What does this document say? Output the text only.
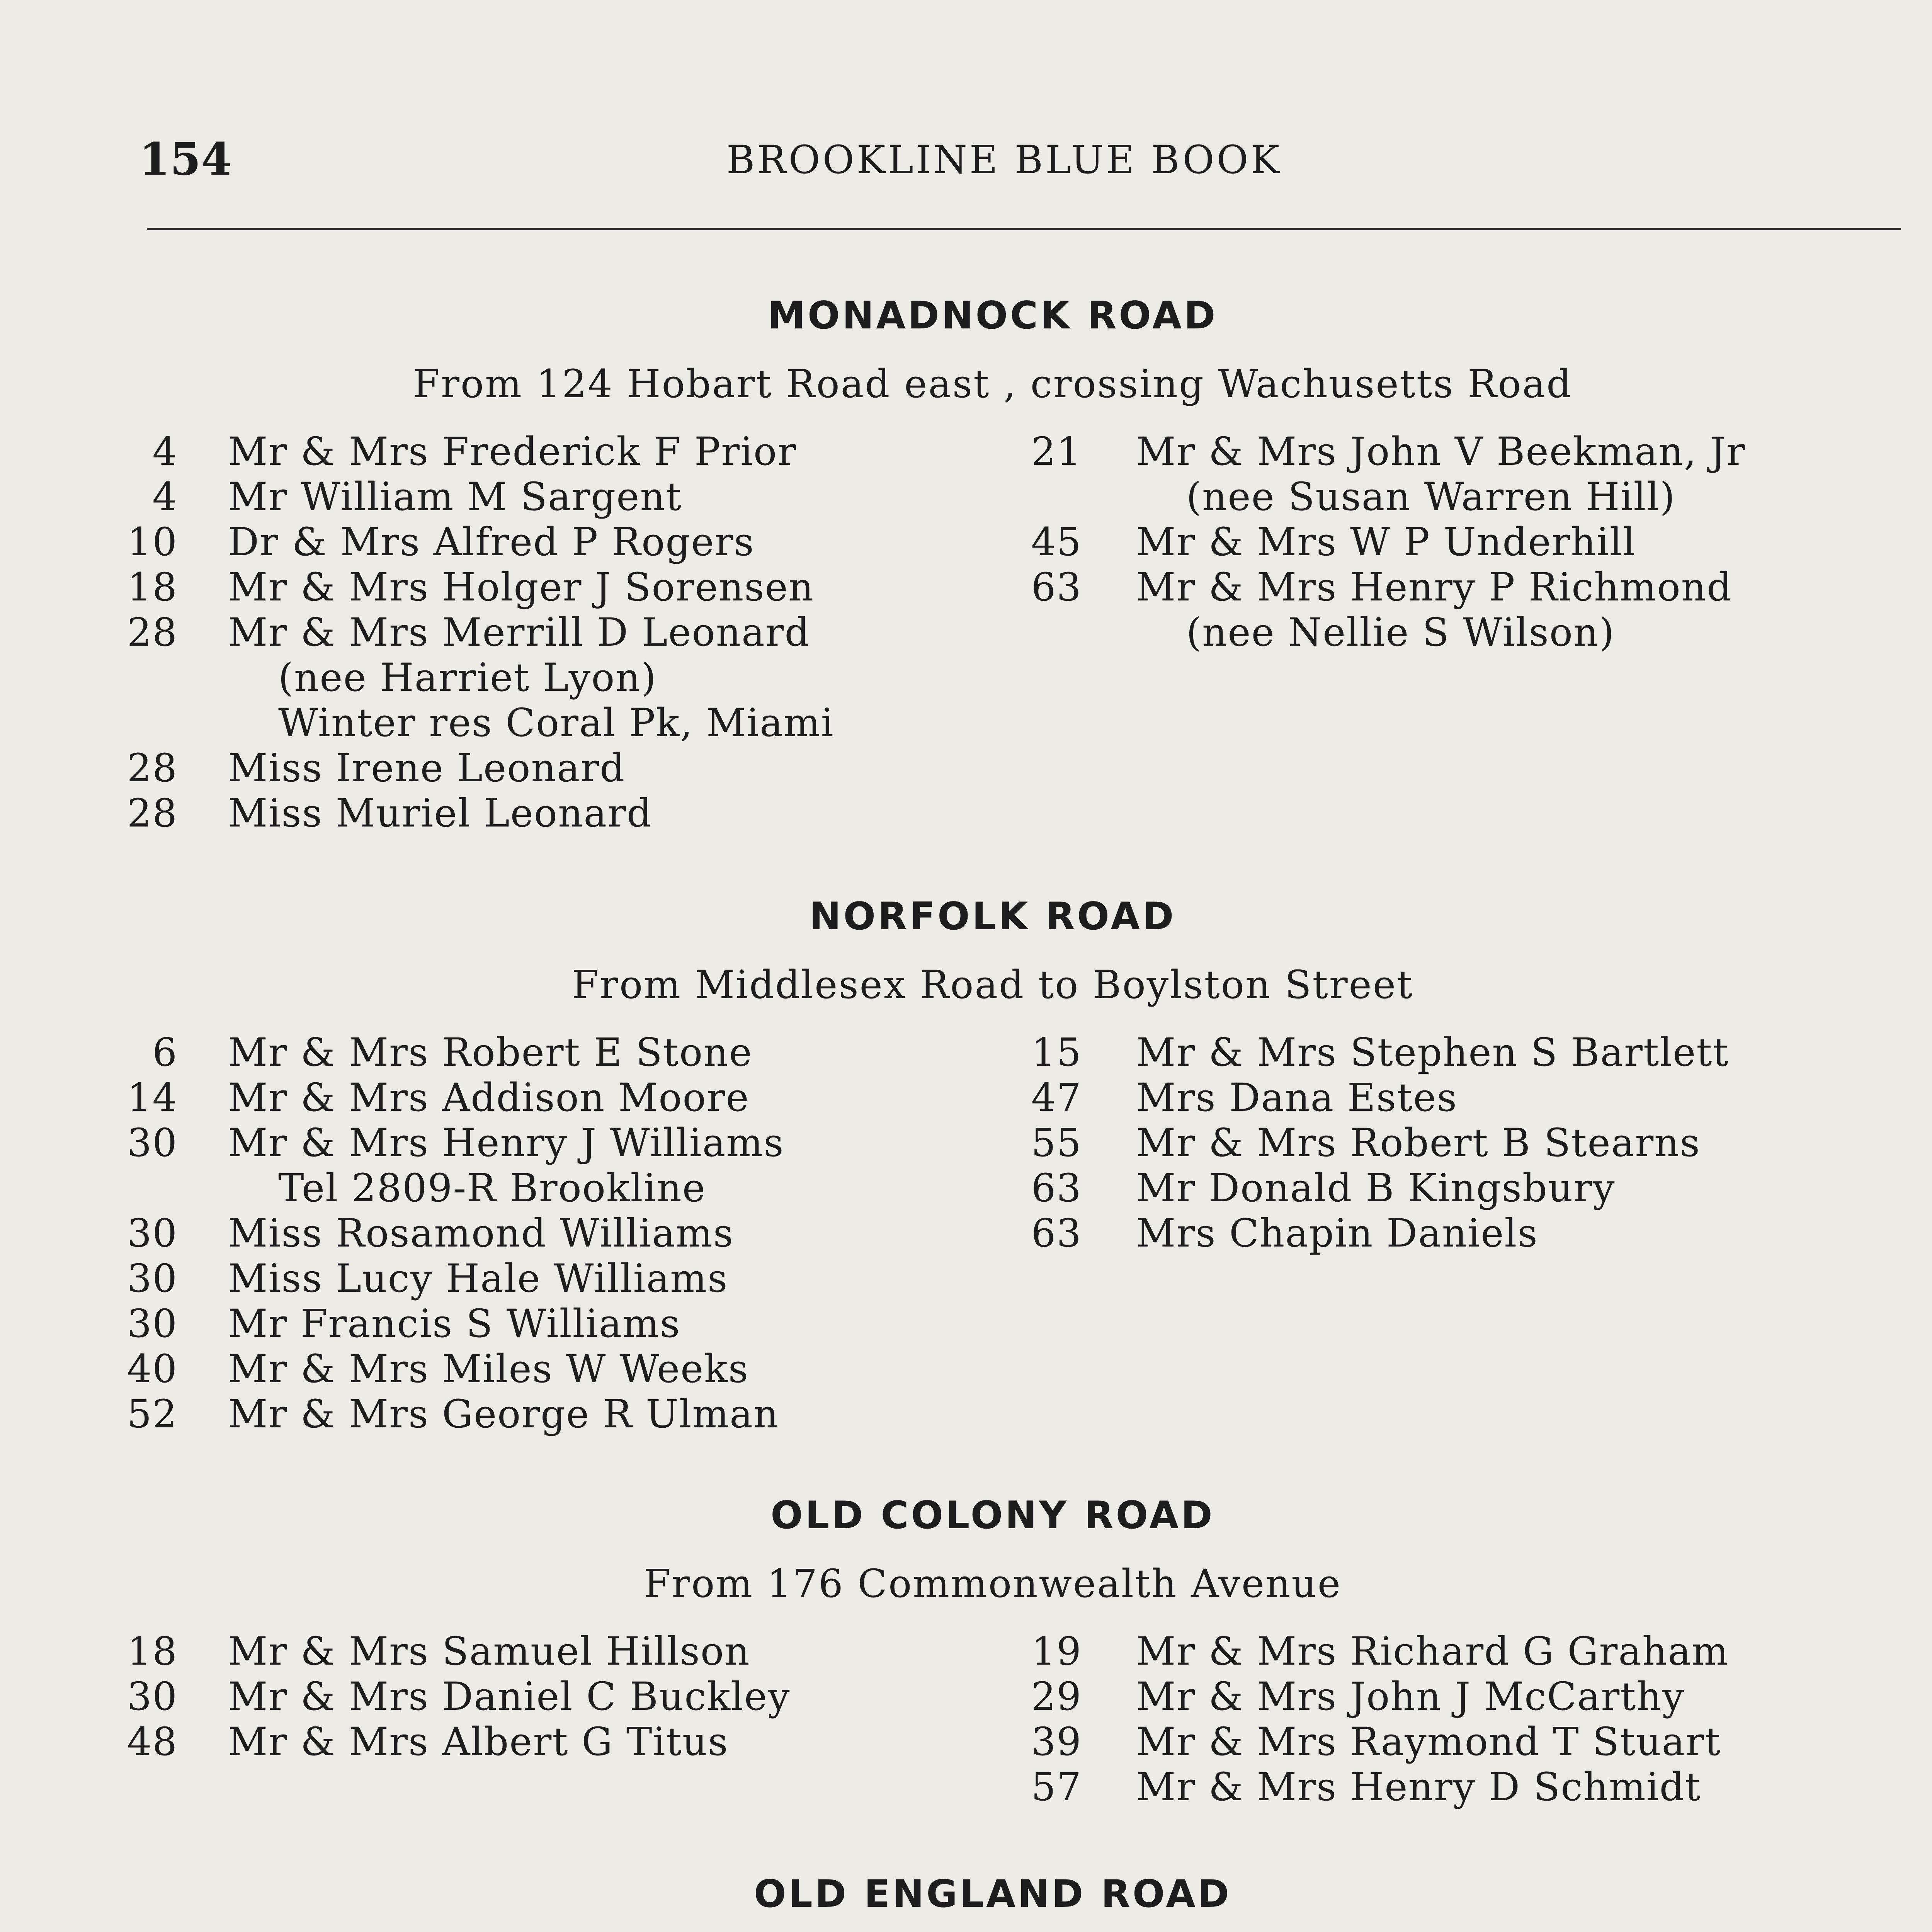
154	BROOKLINE BLUE BOOK
MONADNOCK ROAD
From 124 Hobart Road east , crossing Wachusetts Road
4 Mr & Mrs Frederick F Prior
4 Mr William M Sargent
10 Dr & Mrs Alfred P Rogers
18 Mr & Mrs Holger J Sorensen
28 Mr & Mrs Merrill D Leonard
(nee Harriet Lyon)
Winter res Coral Pk, Miami
28 Miss Irene Leonard
28 Miss Muriel Leonard
21 Mr & Mrs John V Beekman, Jr
(nee Susan Warren Hill)
45 Mr & Mrs W P Underhill
63 Mr & Mrs Henry P Richmond
(nee Nellie S Wilson)
NORFOLK ROAD
From Middlesex Road to Boylston Street
6 Mr & Mrs Robert E Stone
14 Mr & Mrs Addison Moore
30 Mr & Mrs Henry J Williams
Tel 2809-R Brookline
30 Miss Rosamond Williams
30 Miss Lucy Hale Williams
30 Mr Francis S Williams
40 Mr & Mrs Miles W Weeks
52 Mr & Mrs George R Ulman
15 Mr & Mrs Stephen S Bartlett
47 Mrs Dana Estes
55 Mr & Mrs Robert B Stearns
63 Mr Donald B Kingsbury
63 Mrs Chapin Daniels
OLD COLONY ROAD
From 176 Commonwealth Avenue
18 Mr & Mrs Samuel Hillson
30 Mr & Mrs Daniel C Buckley
48 Mr & Mrs Albert G Titus
19 Mr & Mrs Richard G Graham
29 Mr & Mrs John J McCarthy
39 Mr & Mrs Raymond T Stuart
57 Mr & Mrs Henry D Schmidt
OLD ENGLAND ROAD
